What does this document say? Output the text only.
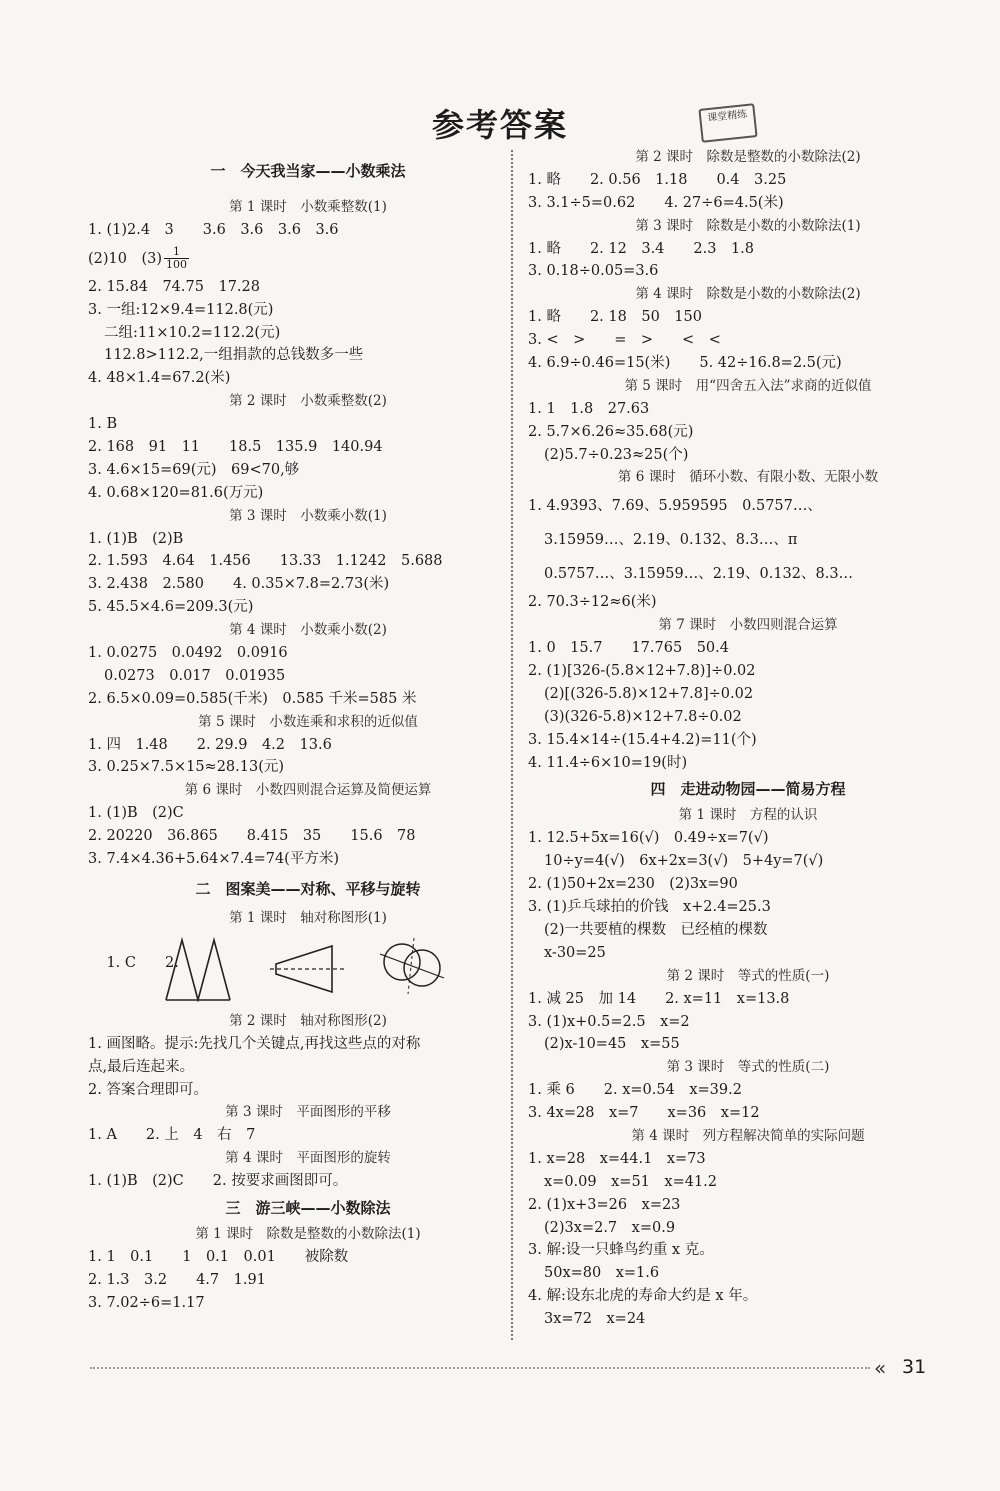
参考答案	课堂精练
一　今天我当家——小数乘法
第 1 课时　小数乘整数(1)
1. (1)2.4　3　　3.6　3.6　3.6　3.6
(2)10　$(3) \frac{1}{100}$
2. 15.84　74.75　17.28
3. 一组:12×9.4=112.8(元)
二组:11×10.2=112.2(元)
112.8>112.2,一组捐款的总钱数多一些
4. 48×1.4=67.2(米)
第 2 课时　小数乘整数(2)
1. B
2. 168　91　11　　18.5　135.9　140.94
3. 4.6×15=69(元)　69<70,够
4. 0.68×120=81.6(万元)
第 3 课时　小数乘小数(1)
1. (1)B　(2)B
2. 1.593　4.64　1.456　　13.33　1.1242　5.688
3. 2.438　2.580　　4. 0.35×7.8=2.73(米)
5. 45.5×4.6=209.3(元)
第 4 课时　小数乘小数(2)
1. 0.0275　0.0492　0.0916
0.0273　0.017　0.01935
2. 6.5×0.09=0.585(千米)　0.585 千米=585 米
第 5 课时　小数连乘和求积的近似值
1. 四　1.48　　2. 29.9　4.2　13.6
3. 0.25×7.5×15≈28.13(元)
第 6 课时　小数四则混合运算及简便运算
1. (1)B　(2)C
2. 20220　36.865　　8.415　35　　15.6　78
3. 7.4×4.36+5.64×7.4=74(平方米)
二　图案美——对称、平移与旋转
第 1 课时　轴对称图形(1)

1. C　　2.

第 2 课时　轴对称图形(2)
1. 画图略。提示:先找几个关键点,再找这些点的对称
点,最后连起来。
2. 答案合理即可。
第 3 课时　平面图形的平移
1. A　　2. 上　4　右　7
第 4 课时　平面图形的旋转
1. (1)B　(2)C　　2. 按要求画图即可。
三　游三峡——小数除法
第 1 课时　除数是整数的小数除法(1)
1. 1　0.1　　1　0.1　0.01　　被除数
2. 1.3　3.2　　4.7　1.91
3. 7.02÷6=1.17
第 2 课时　除数是整数的小数除法(2)
1. 略　　2. 0.56　1.18　　0.4　3.25
3. 3.1÷5=0.62　　4. 27÷6=4.5(米)
第 3 课时　除数是小数的小数除法(1)
1. 略　　2. 12　3.4　　2.3　1.8
3. 0.18÷0.05=3.6
第 4 课时　除数是小数的小数除法(2)
1. 略　　2. 18　50　150
3. <　>　　=　>　　<　<
4. 6.9÷0.46=15(米)　　5. 42÷16.8=2.5(元)
第 5 课时　用“四舍五入法”求商的近似值
1. 1　1.8　27.63
2. 5.7×6.26≈35.68(元)
(2)5.7÷0.23≈25(个)
第 6 课时　循环小数、有限小数、无限小数
1. 4.9393、7.69、5.959595　0.5757…、
3.15959…、2.19、0.132、8.3…、π
0.5757…、3.15959…、2.19、0.132、8.3…
2. 70.3÷12≈6(米)
第 7 课时　小数四则混合运算
1. 0　15.7　　17.765　50.4
2. (1)[326-(5.8×12+7.8)]÷0.02
(2)[(326-5.8)×12+7.8]÷0.02
(3)(326-5.8)×12+7.8÷0.02
3. 15.4×14÷(15.4+4.2)=11(个)
4. 11.4÷6×10=19(时)
四　走进动物园——简易方程
第 1 课时　方程的认识
1. 12.5+5x=16(√)　0.49÷x=7(√)
10÷y=4(√)　6x+2x=3(√)　5+4y=7(√)
2. (1)50+2x=230　(2)3x=90
3. (1)乒乓球拍的价钱　x+2.4=25.3
(2)一共要植的棵数　已经植的棵数
x-30=25
第 2 课时　等式的性质(一)
1. 减 25　加 14　　2. x=11　x=13.8
3. (1)x+0.5=2.5　x=2
(2)x-10=45　x=55
第 3 课时　等式的性质(二)
1. 乘 6　　2. x=0.54　x=39.2
3. 4x=28　x=7　　x=36　x=12
第 4 课时　列方程解决简单的实际问题
1. x=28　x=44.1　x=73
x=0.09　x=51　x=41.2
2. (1)x+3=26　x=23
(2)3x=2.7　x=0.9
3. 解:设一只蜂鸟约重 x 克。
50x=80　x=1.6
4. 解:设东北虎的寿命大约是 x 年。
3x=72　x=24
« 31
